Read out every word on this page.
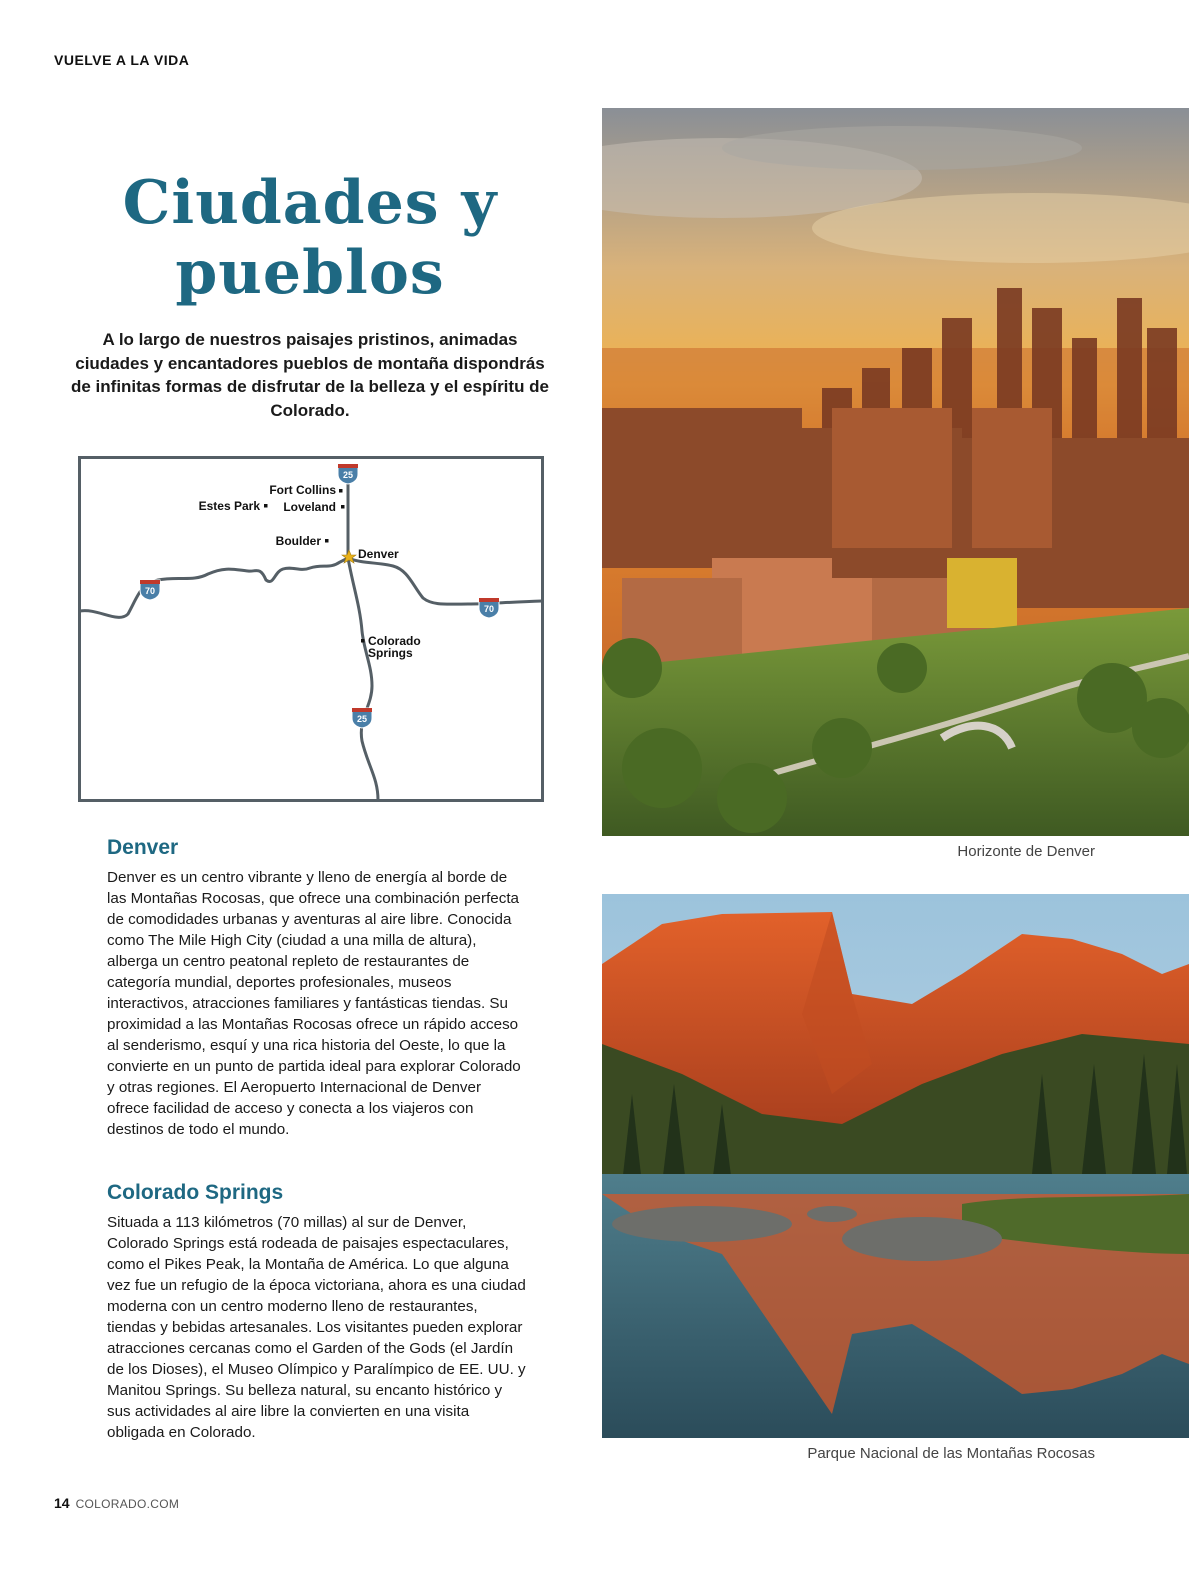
VUELVE A LA VIDA
Ciudades y
pueblos
A lo largo de nuestros paisajes pristinos, animadas ciudades y encantadores pueblos de montaña dispondrás de infinitas formas de disfrutar de la belleza y el espíritu de Colorado.
25
70
70
25
Fort Collins
Estes Park Loveland
Boulder
Denver
Colorado
Springs
Denver
Denver es un centro vibrante y lleno de energía al borde de las Montañas Rocosas, que ofrece una combinación perfecta de comodidades urbanas y aventuras al aire libre. Conocida como The Mile High City (ciudad a una milla de altura), alberga un centro peatonal repleto de restaurantes de categoría mundial, deportes profesionales, museos interactivos, atracciones familiares y fantásticas tiendas. Su proximidad a las Montañas Rocosas ofrece un rápido acceso al senderismo, esquí y una rica historia del Oeste, lo que la convierte en un punto de partida ideal para explorar Colorado y otras regiones. El Aeropuerto Internacional de Denver ofrece facilidad de acceso y conecta a los viajeros con destinos de todo el mundo.
Colorado Springs
Situada a 113 kilómetros (70 millas) al sur de Denver, Colorado Springs está rodeada de paisajes espectaculares, como el Pikes Peak, la Montaña de América. Lo que alguna vez fue un refugio de la época victoriana, ahora es una ciudad moderna con un centro moderno lleno de restaurantes, tiendas y bebidas artesanales. Los visitantes pueden explorar atracciones cercanas como el Garden of the Gods (el Jardín de los Dioses), el Museo Olímpico y Paralímpico de EE. UU. y Manitou Springs. Su belleza natural, su encanto histórico y sus actividades al aire libre la convierten en una visita obligada en Colorado.
Horizonte de Denver
Parque Nacional de las Montañas Rocosas
14 COLORADO.COM
